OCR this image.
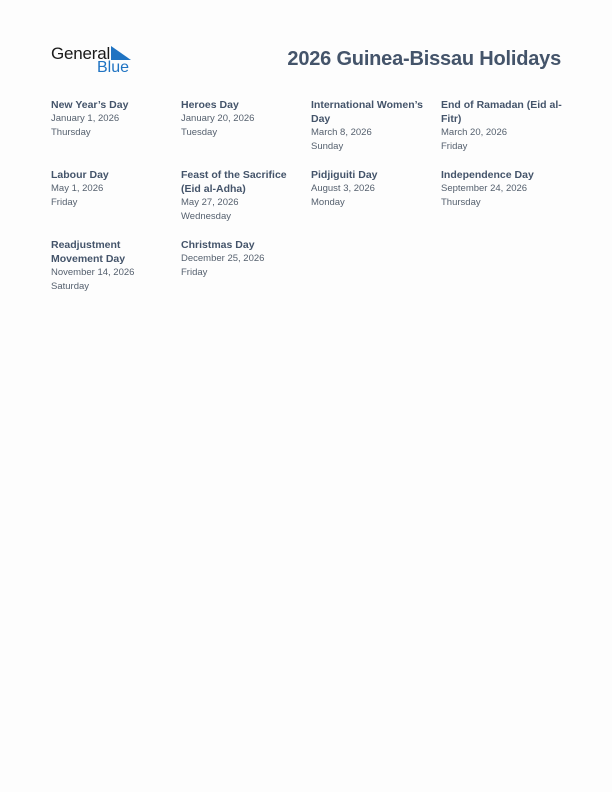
General
Blue	2026 Guinea-Bissau Holidays
New Year’s Day
January 1, 2026
Thursday
Heroes Day
January 20, 2026
Tuesday
International Women’s Day
March 8, 2026
Sunday
End of Ramadan (Eid al-Fitr)
March 20, 2026
Friday
Labour Day
May 1, 2026
Friday
Feast of the Sacrifice (Eid al-Adha)
May 27, 2026
Wednesday
Pidjiguiti Day
August 3, 2026
Monday
Independence Day
September 24, 2026
Thursday
Readjustment Movement Day
November 14, 2026
Saturday
Christmas Day
December 25, 2026
Friday
